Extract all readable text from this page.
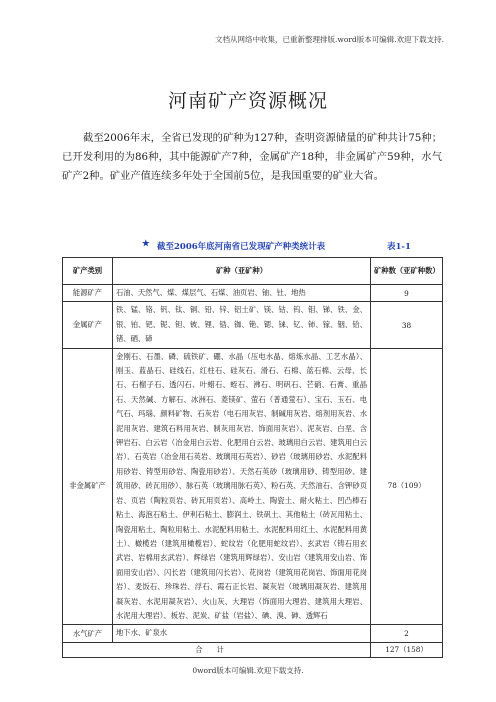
文档从网络中收集，已重新整理排版.word版本可编辑.欢迎下载支持.
河南矿产资源概况
截至2006年末，全省已发现的矿种为127种，查明资源储量的矿种共计75种；已开发利用的为86种，其中能源矿产7种，金属矿产18种，非金属矿产59种，水气矿产2种。矿业产值连续多年处于全国前5位，是我国重要的矿业大省。
★ 截至2006年底河南省已发现矿产种类统计表	表1-1
矿产类别	矿种（亚矿种）	矿种数（亚矿种数）
能源矿产	石油、天然气、煤、煤层气、石煤、油页岩、铀、钍、地热	9
金属矿产	铁、锰、铬、钒、钛、铜、铅、锌、铝土矿、镁、钴、钨、钼、锑、铁、金、银、铂、钯、铌、钽、铍、锂、锆、铷、铯、锶、铼、钇、铈、镓、铟、铪、锗、硒、碲	38
非金属矿产	金刚石、石墨、磷、硫铁矿、硼、水晶（压电水晶、熔炼水晶、工艺水晶）、刚玉、蓝晶石、硅线石、红柱石、硅灰石、滑石、石棉、蓝石棉、云母、长石、石榴子石、透闪石、叶蜡石、蛭石、沸石、明矾石、芒硝、石膏、重晶石、天然碱、方解石、冰洲石、菱镁矿、萤石（普通萤石）、宝石、玉石、电气石、玛瑙、颜料矿物、石灰岩（电石用灰岩、制碱用灰岩、熔剂用灰岩、水泥用灰岩、建筑石料用灰岩、制灰用灰岩、饰面用灰岩）、泥灰岩、白垩、含钾岩石、白云岩（冶金用白云岩、化肥用白云岩、玻璃用白云岩、建筑用白云岩）、石英岩（冶金用石英岩、玻璃用石英岩）、砂岩（玻璃用砂岩、水泥配料用砂岩、铸型用砂岩、陶瓷用砂岩）、天然石英砂（玻璃用砂、铸型用砂、建筑用砂、砖瓦用砂）、脉石英（玻璃用脉石英）、粉石英、天然油石、含钾砂页岩、页岩（陶粒页岩、砖瓦用页岩）、高岭土、陶瓷土、耐火粘土、凹凸棒石粘土、海泡石粘土、伊利石粘土、膨润土、铁矾土、其他粘土（砖瓦用粘土、陶瓷用粘土、陶粒用粘土、水泥配料用粘土、水泥配料用红土、水泥配料用黄土）、橄榄岩（建筑用橄榄岩）、蛇纹岩（化肥用蛇纹岩）、玄武岩（铸石用玄武岩、岩棉用玄武岩）、辉绿岩（建筑用辉绿岩）、安山岩（建筑用安山岩、饰面用安山岩）、闪长岩（建筑用闪长岩）、花岗岩（建筑用花岗岩、饰面用花岗岩）、麦饭石、珍珠岩、浮石、霞石正长岩、凝灰岩（玻璃用凝灰岩、建筑用凝灰岩、水泥用凝灰岩）、火山灰、大理岩（饰面用大理岩、建筑用大理岩、水泥用大理岩）、板岩、泥炭、矿盐（岩盐）、碘、溴、砷、透辉石	78（109）
水气矿产	地下水、矿泉水	2
合计		127（158）
0word版本可编辑.欢迎下载支持.
